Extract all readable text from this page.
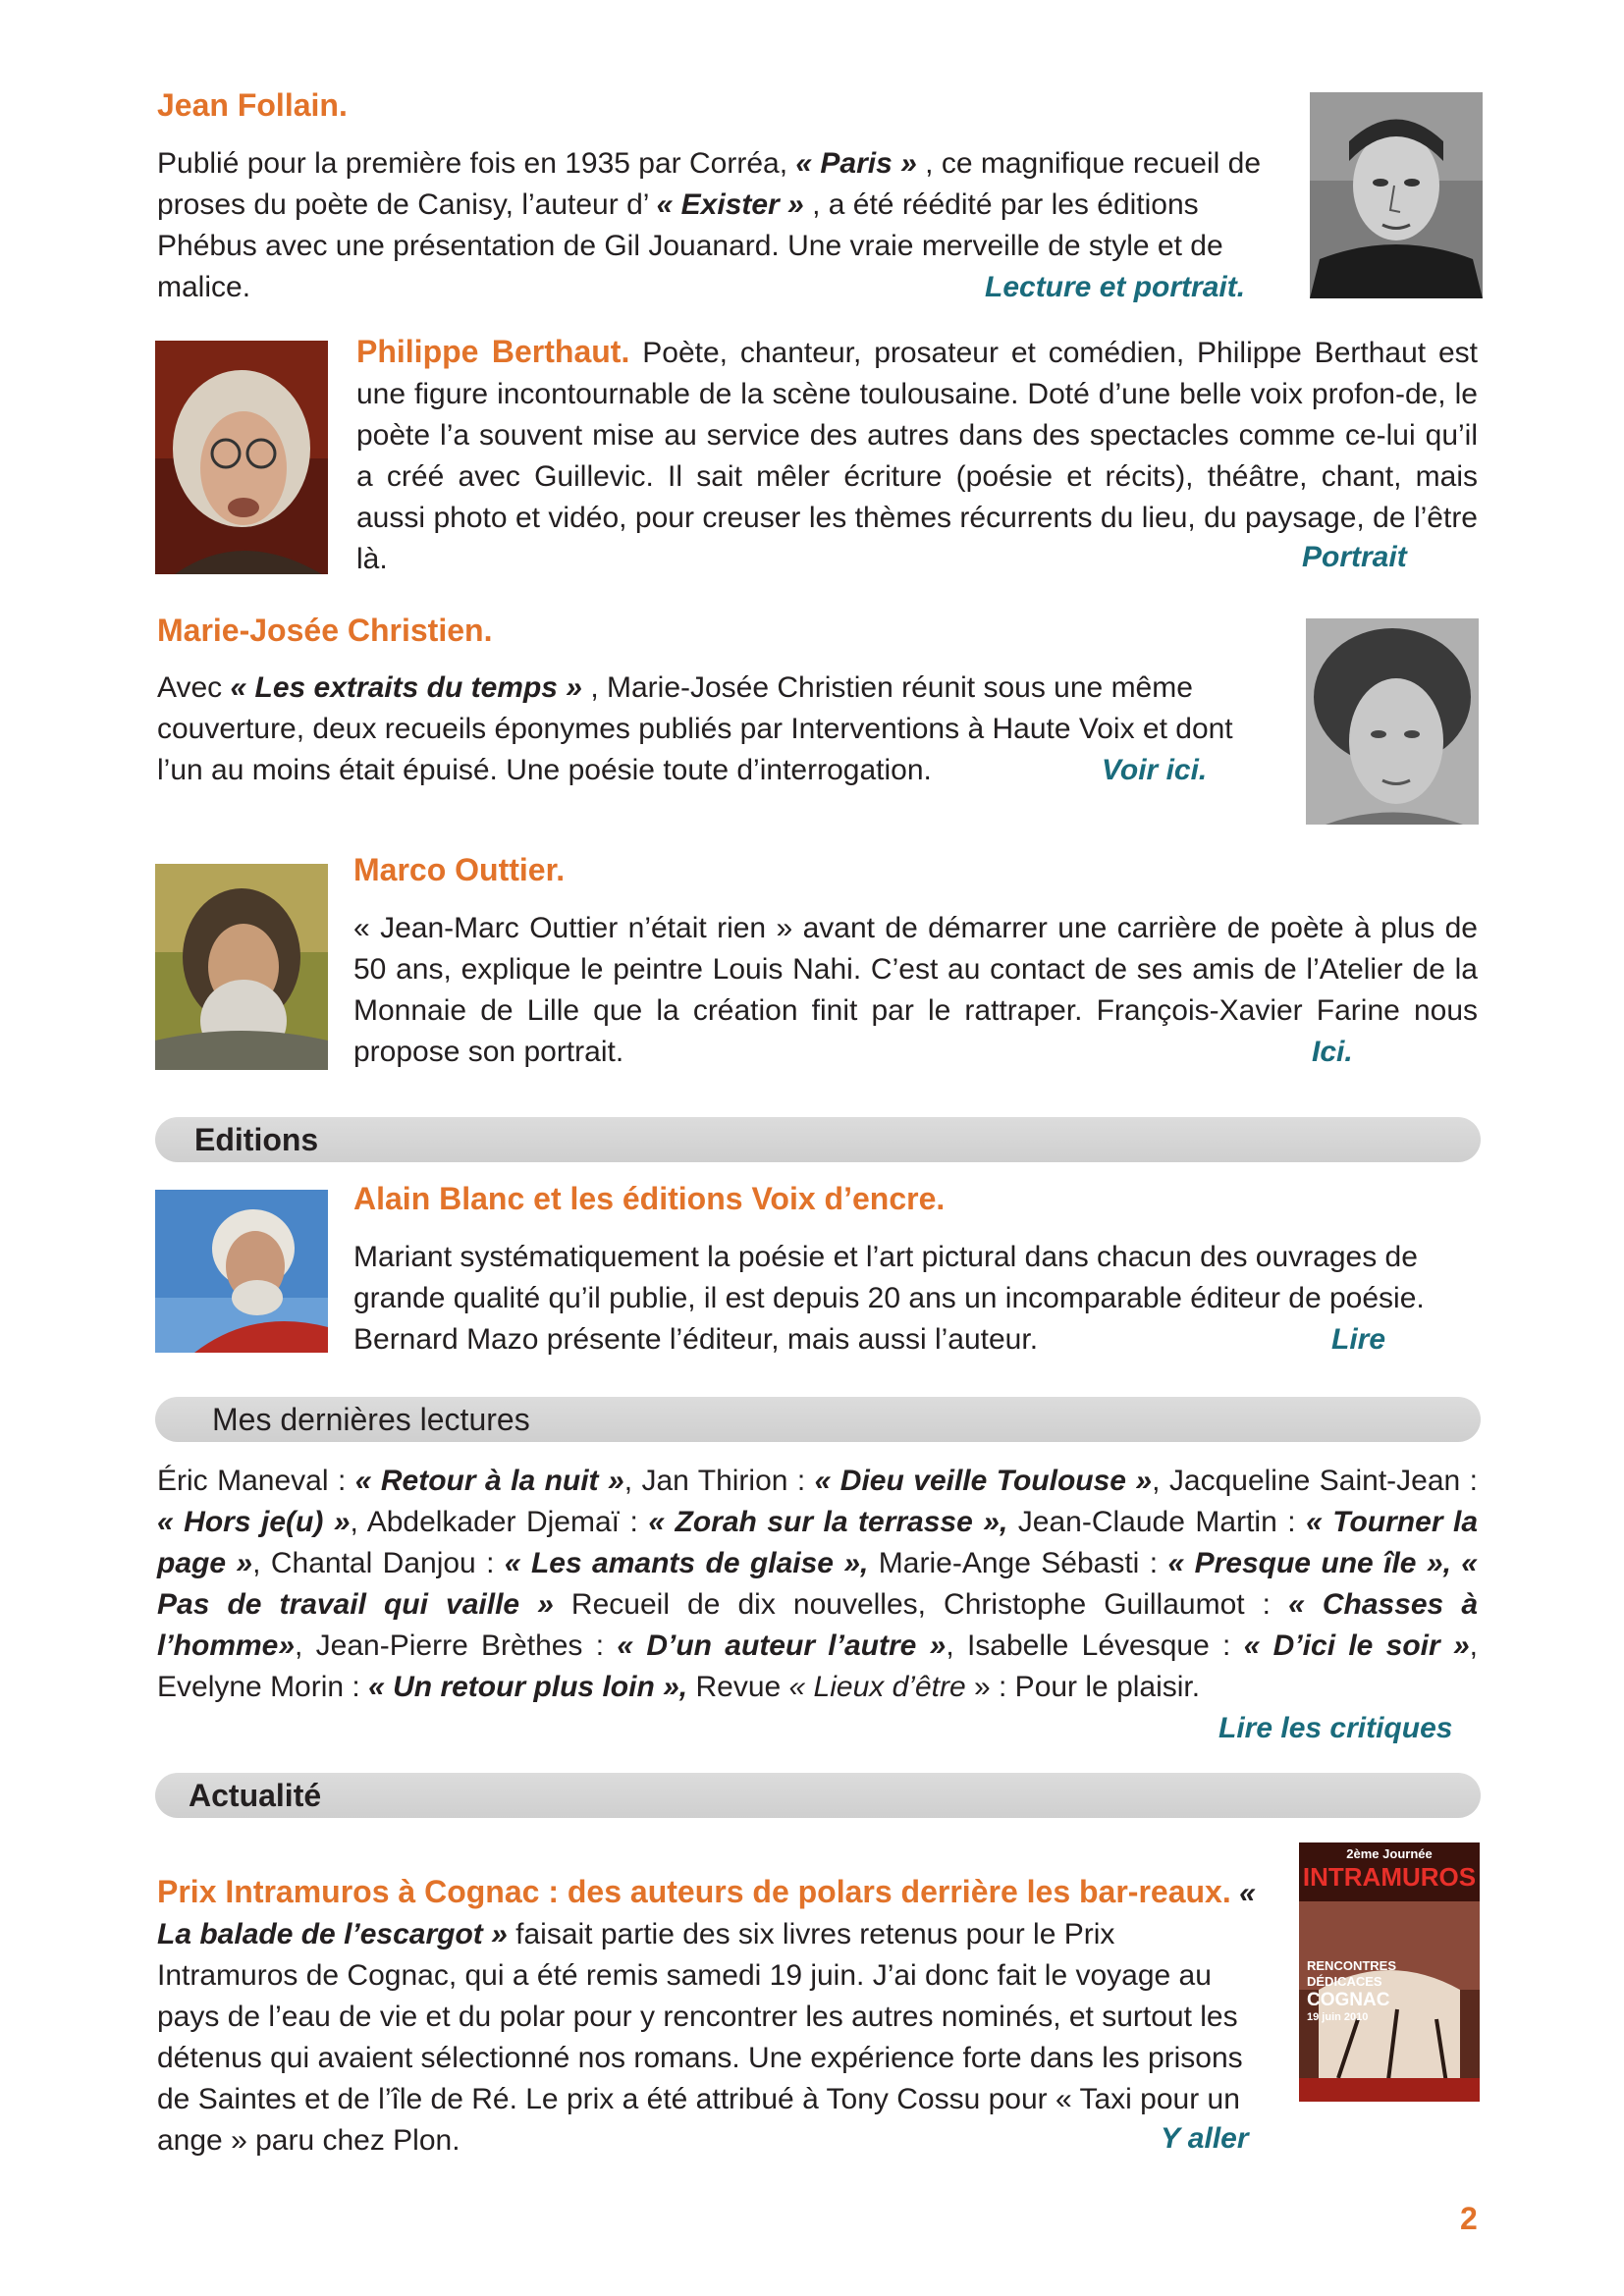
Jean Follain.

Publié pour la première fois en 1935 par Corréa, « Paris » , ce magnifique recueil de proses du poète de Canisy, l’auteur d’ « Exister » , a été réédité par les éditions Phébus avec une présentation de Gil Jouanard. Une vraie merveille de style et de malice.	Lecture et portrait.

Philippe Berthaut. Poète, chanteur, prosateur et comédien, Philippe Berthaut est une figure incontournable de la scène toulousaine. Doté d’une belle voix profon-de, le poète l’a souvent mise au service des autres dans des spectacles comme ce-lui qu’il a créé avec Guillevic. Il sait mêler écriture (poésie et récits), théâtre, chant, mais aussi photo et vidéo, pour creuser les thèmes récurrents du lieu, du paysage, de l’être là.	Portrait
Marie-Josée Christien.

Avec « Les extraits du temps » , Marie-Josée Christien réunit sous une même couverture, deux recueils éponymes publiés par Interventions à Haute Voix et dont l’un au moins était épuisé. Une poésie toute d’interrogation.	Voir ici.
Marco Outtier.

« Jean-Marc Outtier n’était rien » avant de démarrer une carrière de poète à plus de 50 ans, explique le peintre Louis Nahi. C’est au contact de ses amis de l’Atelier de la Monnaie de Lille que la création finit par le rattraper. François-Xavier Farine nous propose son portrait.	Ici.
Editions
Alain Blanc et les éditions Voix d’encre.

Mariant systématiquement la poésie et l’art pictural dans chacun des ouvrages de grande qualité qu’il publie, il est depuis 20 ans un incomparable éditeur de poésie. Bernard Mazo présente l’éditeur, mais aussi l’auteur.	Lire
Mes dernières lectures

Éric Maneval : « Retour à la nuit », Jan Thirion : « Dieu veille Toulouse », Jacqueline Saint-Jean : « Hors je(u) », Abdelkader Djemaï : « Zorah sur la terrasse », Jean-Claude Martin : « Tourner la page », Chantal Danjou : « Les amants de glaise », Marie-Ange Sébasti : « Presque une île », « Pas de travail qui vaille » Recueil de dix nouvelles, Christophe Guillaumot : « Chasses à l’homme», Jean-Pierre Brèthes : « D’un auteur l’autre », Isabelle Lévesque : « D’ici le soir », Evelyne Morin : « Un retour plus loin », Revue « Lieux d’être » : Pour le plaisir.

Lire les critiques
Actualité

Prix Intramuros à Cognac : des auteurs de polars derrière les bar-reaux. « La balade de l’escargot » faisait partie des six livres retenus pour le Prix Intramuros de Cognac, qui a été remis samedi 19 juin. J’ai donc fait le voyage au pays de l’eau de vie et du polar pour y rencontrer les autres nominés, et surtout les détenus qui avaient sélectionné nos romans. Une expérience forte dans les prisons de Saintes et de l’île de Ré. Le prix a été attribué à Tony Cossu pour « Taxi pour un ange » paru chez Plon.	Y aller
2ème Journée
INTRAMUROS
RENCONTRES
DÉDICACES
COGNAC
19 juin 2010
2
